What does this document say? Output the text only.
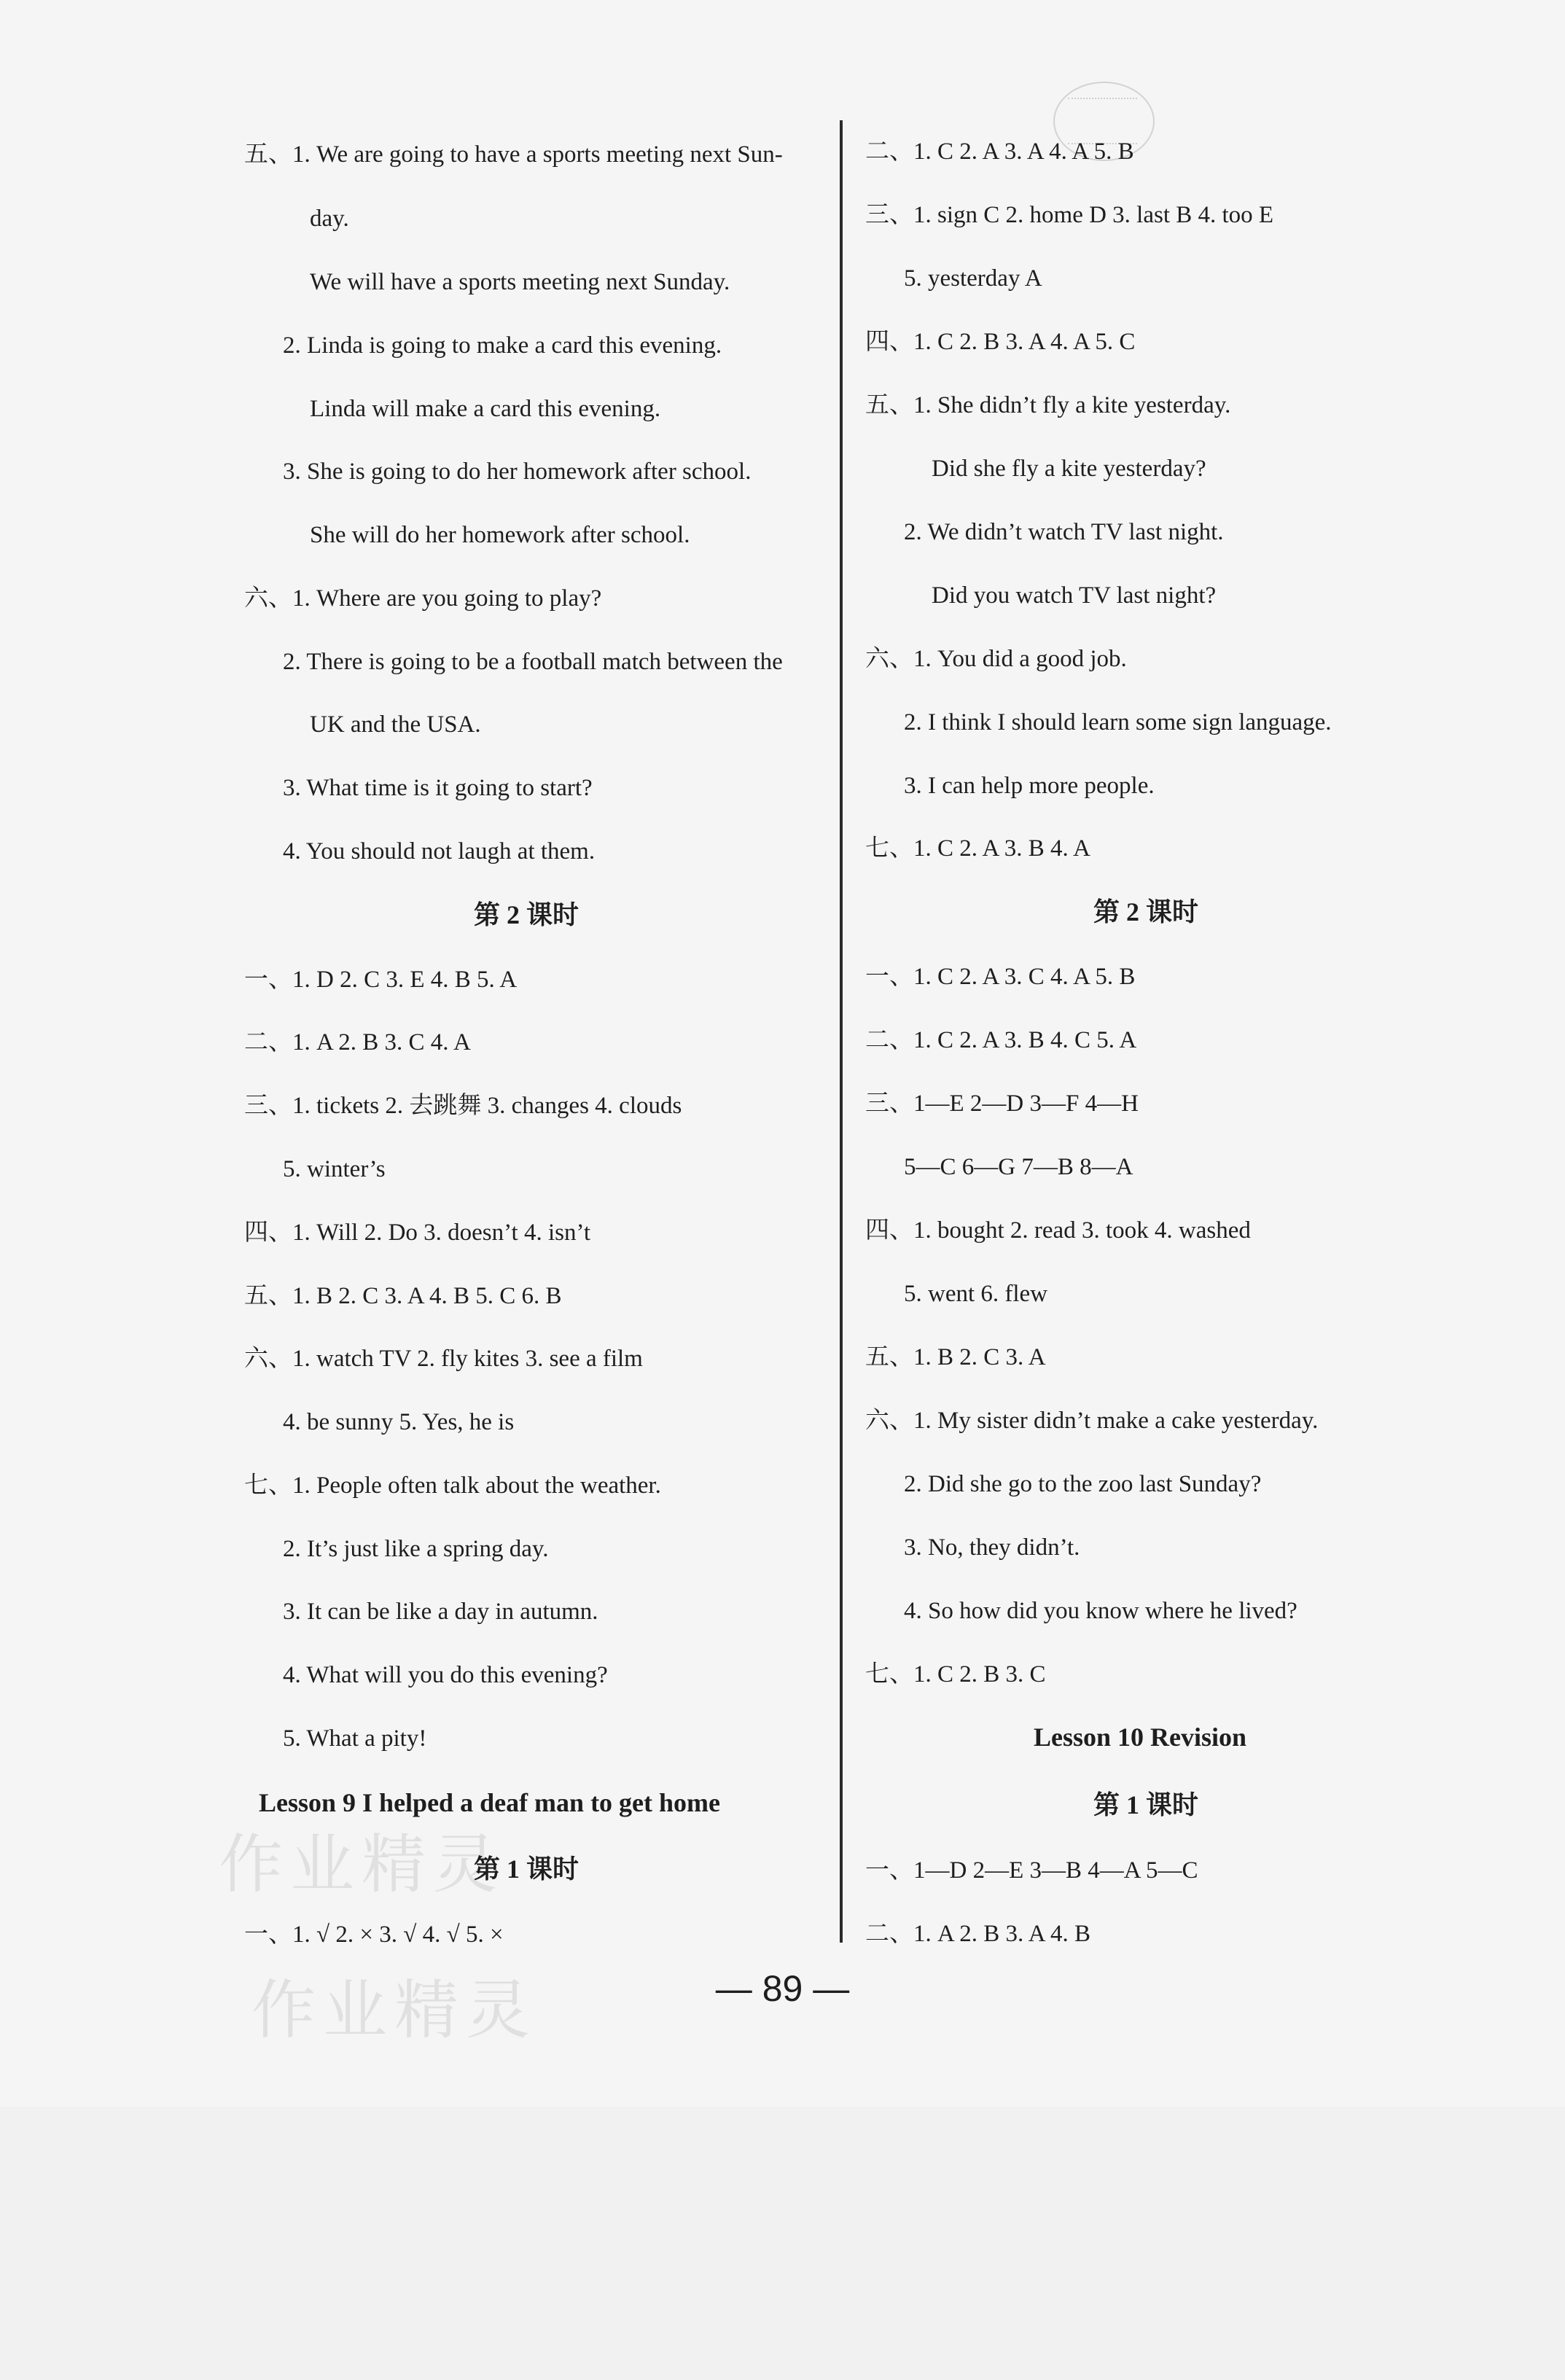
作业精灵
作业精灵
五、1. We are going to have a sports meeting next Sun-
day.
We will have a sports meeting next Sunday.
2. Linda is going to make a card this evening.
Linda will make a card this evening.
3. She is going to do her homework after school.
She will do her homework after school.
六、1. Where are you going to play?
2. There is going to be a football match between the
UK and the USA.
3. What time is it going to start?
4. You should not laugh at them.
第 2 课时
一、1. D 2. C 3. E 4. B 5. A
二、1. A 2. B 3. C 4. A
三、1. tickets 2. 去跳舞 3. changes 4. clouds
5. winter’s
四、1. Will 2. Do 3. doesn’t 4. isn’t
五、1. B 2. C 3. A 4. B 5. C 6. B
六、1. watch TV 2. fly kites 3. see a film
4. be sunny 5. Yes, he is
七、1. People often talk about the weather.
2. It’s just like a spring day.
3. It can be like a day in autumn.
4. What will you do this evening?
5. What a pity!
Lesson 9 I helped a deaf man to get home
第 1 课时
一、1. √ 2. × 3. √ 4. √ 5. ×
二、1. C 2. A 3. A 4. A 5. B
三、1. sign C 2. home D 3. last B 4. too E
5. yesterday A
四、1. C 2. B 3. A 4. A 5. C
五、1. She didn’t fly a kite yesterday.
Did she fly a kite yesterday?
2. We didn’t watch TV last night.
Did you watch TV last night?
六、1. You did a good job.
2. I think I should learn some sign language.
3. I can help more people.
七、1. C 2. A 3. B 4. A
第 2 课时
一、1. C 2. A 3. C 4. A 5. B
二、1. C 2. A 3. B 4. C 5. A
三、1—E 2—D 3—F 4—H
5—C 6—G 7—B 8—A
四、1. bought 2. read 3. took 4. washed
5. went 6. flew
五、1. B 2. C 3. A
六、1. My sister didn’t make a cake yesterday.
2. Did she go to the zoo last Sunday?
3. No, they didn’t.
4. So how did you know where he lived?
七、1. C 2. B 3. C
Lesson 10 Revision
第 1 课时
一、1—D 2—E 3—B 4—A 5—C
二、1. A 2. B 3. A 4. B
— 89 —
